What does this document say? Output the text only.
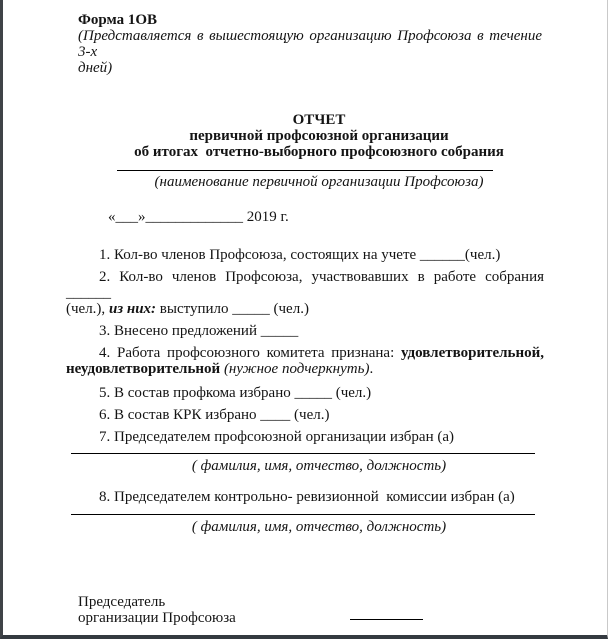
Форма 1ОВ
(Представляется в вышестоящую организацию Профсоюза в течение 3-х
дней)
ОТЧЕТ
первичной профсоюзной организации
об итогах  отчетно-выборного профсоюзного собрания
(наименование первичной организации Профсоюза)
«___»_____________ 2019 г.
1. Кол-во членов Профсоюза, состоящих на учете ______(чел.)
2. Кол-во членов Профсоюза, участвовавших в работе собрания ______
(чел.), из них: выступило _____ (чел.)
3. Внесено предложений _____
4. Работа профсоюзного комитета признана: удовлетворительной,
неудовлетворительной (нужное подчеркнуть).
5. В состав профкома избрано _____ (чел.)
6. В состав КРК избрано ____ (чел.)
7. Председателем профсоюзной организации избран (а)
( фамилия, имя, отчество, должность)
8. Председателем контрольно- ревизионной  комиссии избран (а)
( фамилия, имя, отчество, должность)
Председатель
организации Профсоюза
